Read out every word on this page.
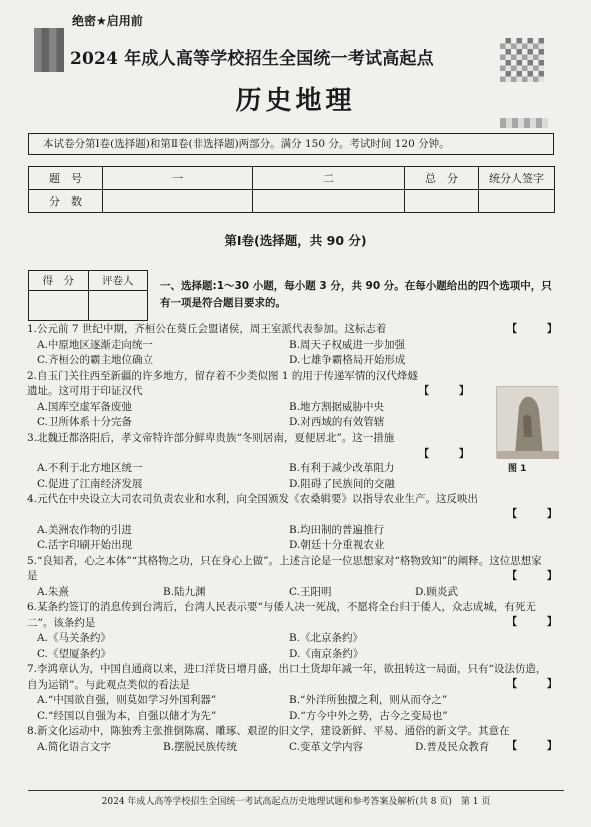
绝密★启用前
2024 年成人高等学校招生全国统一考试高起点
历史地理
本试卷分第Ⅰ卷(选择题)和第Ⅱ卷(非选择题)两部分。满分 150 分。考试时间 120 分钟。
题　号	一	二	总　分	统分人签字
分　数				
第Ⅰ卷(选择题，共 90 分)
得　分	评卷人
		一、选择题:1～30 小题，每小题 3 分，共 90 分。在每小题给出的四个选项中，只有一项是符合题目要求的。
图 1
1.公元前 7 世纪中期，齐桓公在葵丘会盟诸侯，周王室派代表参加。这标志着	【　】
A.中原地区逐渐走向统一	B.周天子权威进一步加强
C.齐桓公的霸主地位确立	D.七雄争霸格局开始形成
2.自玉门关往西至新疆的许多地方，留存着不少类似图 1 的用于传递军情的汉代烽燧遗址。这可用于印证汉代	【　】
A.国库空虚军备废弛	B.地方割据威胁中央
C.卫所体系十分完备	D.对西域的有效管辖
3.北魏迁都洛阳后，孝文帝特许部分鲜卑贵族“冬则居南，夏便居北”。这一措施
【　】
A.不利于北方地区统一	B.有利于减少改革阻力
C.促进了江南经济发展	D.阻碍了民族间的交融
4.元代在中央设立大司农司负责农业和水利，向全国颁发《农桑辑要》以指导农业生产。这反映出
【　】
A.美洲农作物的引进	B.均田制的普遍推行
C.活字印刷开始出现	D.朝廷十分重视农业
5.“良知者，心之本体”“其格物之功，只在身心上做”。上述言论是一位思想家对“格物致知”的阐释。这位思想家是	【　】
A.朱熹	B.陆九渊	C.王阳明	D.顾炎武
6.某条约签订的消息传到台湾后，台湾人民表示要“与倭人决一死战，不愿将全台归于倭人，众志成城，有死无二”。该条约是	【　】
A.《马关条约》	B.《北京条约》
C.《望厦条约》	D.《南京条约》
7.李鸿章认为，中国自通商以来，进口洋货日增月盛，出口土货却年减一年，欲扭转这一局面，只有“设法仿造，自为运销”。与此观点类似的看法是	【　】
A.“中国欲自强，则莫如学习外国利器”	B.“外洋所独擅之利，则从而夺之”
C.“经国以自强为本，自强以储才为先”	D.“方今中外之势，古今之变局也”
8.新文化运动中，陈独秀主张推倒陈腐、雕琢、艰涩的旧文学，建设新鲜、平易、通俗的新文学。其意在
【　】
A.简化语言文字	B.摆脱民族传统	C.变革文学内容	D.普及民众教育
2024 年成人高等学校招生全国统一考试高起点历史地理试题和参考答案及解析(共 8 页)　第 1 页
